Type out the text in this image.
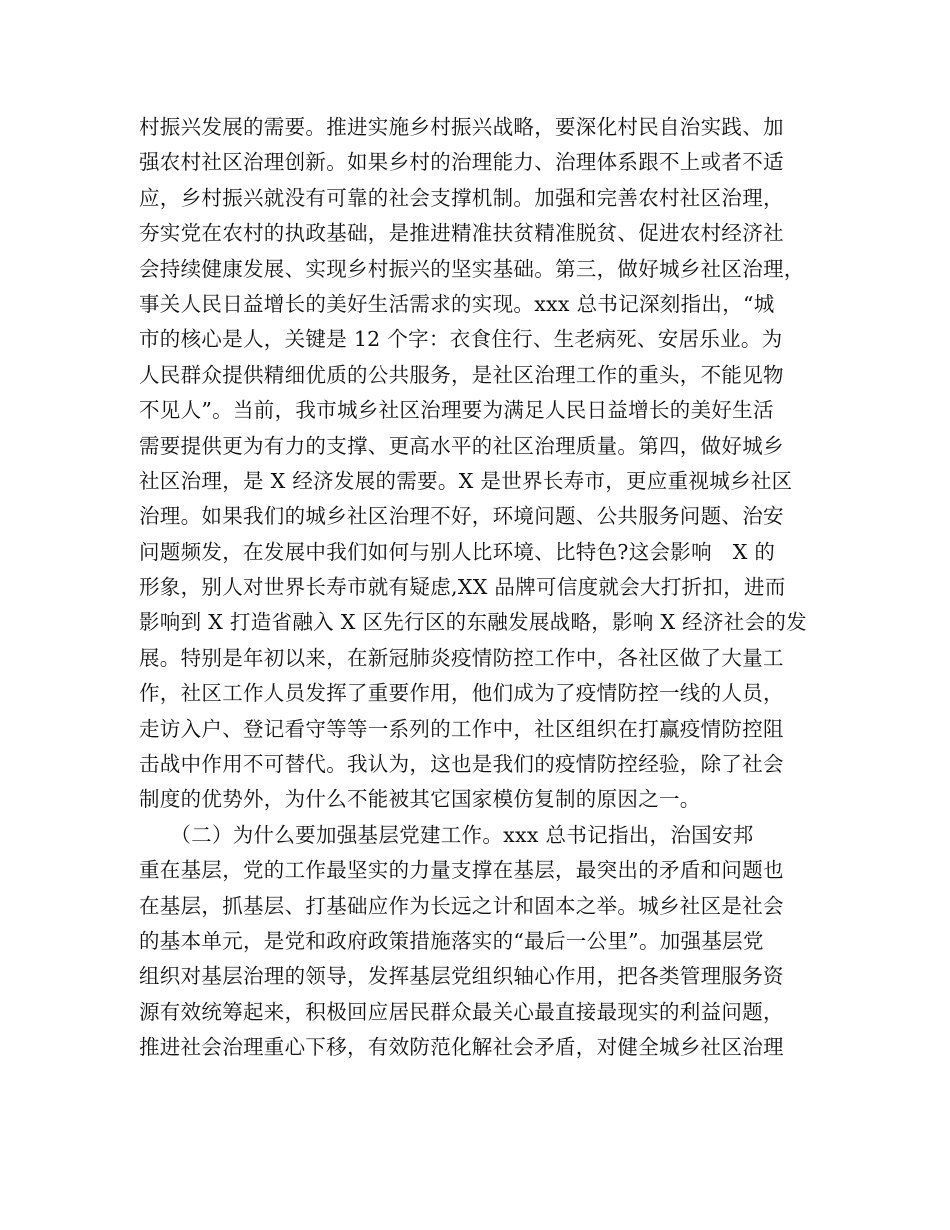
村振兴发展的需要。推进实施乡村振兴战略，要深化村民自治实践、加
强农村社区治理创新。如果乡村的治理能力、治理体系跟不上或者不适
应，乡村振兴就没有可靠的社会支撑机制。加强和完善农村社区治理，
夯实党在农村的执政基础，是推进精准扶贫精准脱贫、促进农村经济社
会持续健康发展、实现乡村振兴的坚实基础。第三，做好城乡社区治理，
事关人民日益增长的美好生活需求的实现。xxx 总书记深刻指出，“城
市的核心是人，关键是 12 个字：衣食住行、生老病死、安居乐业。为
人民群众提供精细优质的公共服务，是社区治理工作的重头，不能见物
不见人”。当前，我市城乡社区治理要为满足人民日益增长的美好生活
需要提供更为有力的支撑、更高水平的社区治理质量。第四，做好城乡
社区治理，是 X 经济发展的需要。X 是世界长寿市，更应重视城乡社区
治理。如果我们的城乡社区治理不好，环境问题、公共服务问题、治安
问题频发，在发展中我们如何与别人比环境、比特色?这会影响　X 的
形象，别人对世界长寿市就有疑虑,XX 品牌可信度就会大打折扣，进而
影响到 X 打造省融入 X 区先行区的东融发展战略，影响 X 经济社会的发
展。特别是年初以来，在新冠肺炎疫情防控工作中，各社区做了大量工
作，社区工作人员发挥了重要作用，他们成为了疫情防控一线的人员，
走访入户、登记看守等等一系列的工作中，社区组织在打赢疫情防控阻
击战中作用不可替代。我认为，这也是我们的疫情防控经验，除了社会
制度的优势外，为什么不能被其它国家模仿复制的原因之一。
　　（二）为什么要加强基层党建工作。xxx 总书记指出，治国安邦
重在基层，党的工作最坚实的力量支撑在基层，最突出的矛盾和问题也
在基层，抓基层、打基础应作为长远之计和固本之举。城乡社区是社会
的基本单元，是党和政府政策措施落实的“最后一公里”。加强基层党
组织对基层治理的领导，发挥基层党组织轴心作用，把各类管理服务资
源有效统筹起来，积极回应居民群众最关心最直接最现实的利益问题，
推进社会治理重心下移，有效防范化解社会矛盾，对健全城乡社区治理
